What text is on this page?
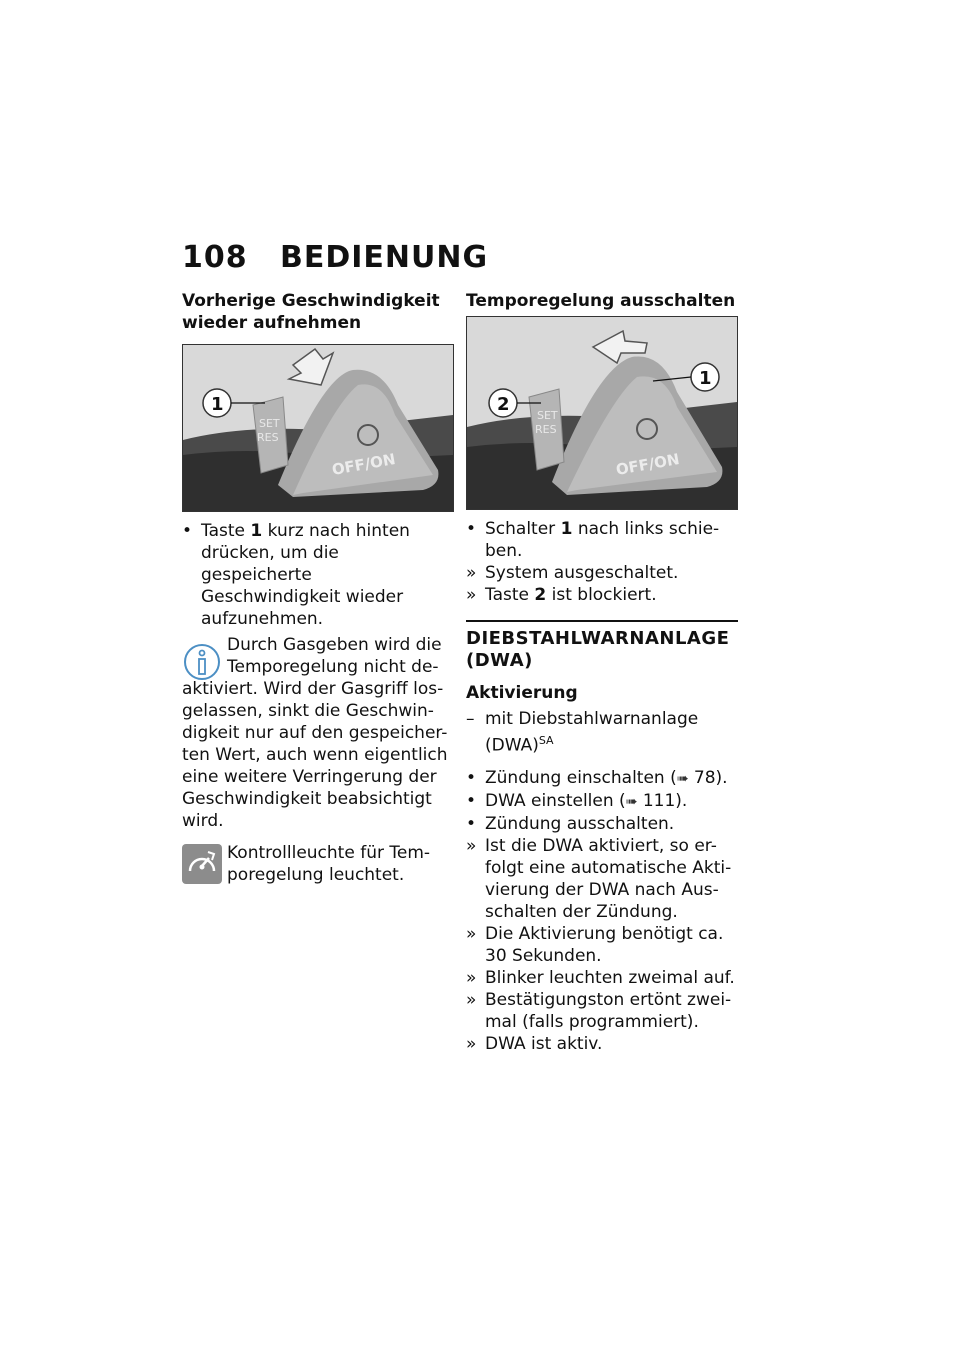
108 BEDIENUNG
Vorherige Geschwindigkeit wieder aufnehmen
SET
RES
OFF/ON
1
• Taste 1 kurz nach hinten drücken, um die gespeicherte Geschwindigkeit wieder aufzunehmen.

Durch Gasgeben wird die Temporegelung nicht de-
aktiviert. Wird der Gasgriff los-gelassen, sinkt die Geschwin-digkeit nur auf den gespeicher-ten Wert, auch wenn eigentlich eine weitere Verringerung der Geschwindigkeit beabsichtigt wird.
Kontrollleuchte für Tem-poregelung leuchtet.
Temporegelung ausschalten
SET
RES
OFF/ON
1
2
• Schalter 1 nach links schie-ben.

» System ausgeschaltet.

» Taste 2 ist blockiert.

DIEBSTAHLWARNANLAGE (DWA)
Aktivierung
– mit Diebstahlwarnanlage (DWA)$^{SA}$

• Zündung einschalten (➠ 78).

• DWA einstellen (➠ 111).

• Zündung ausschalten.

» Ist die DWA aktiviert, so er-folgt eine automatische Akti-vierung der DWA nach Aus-schalten der Zündung.

» Die Aktivierung benötigt ca. 30 Sekunden.

» Blinker leuchten zweimal auf.

» Bestätigungston ertönt zwei-mal (falls programmiert).

» DWA ist aktiv.
